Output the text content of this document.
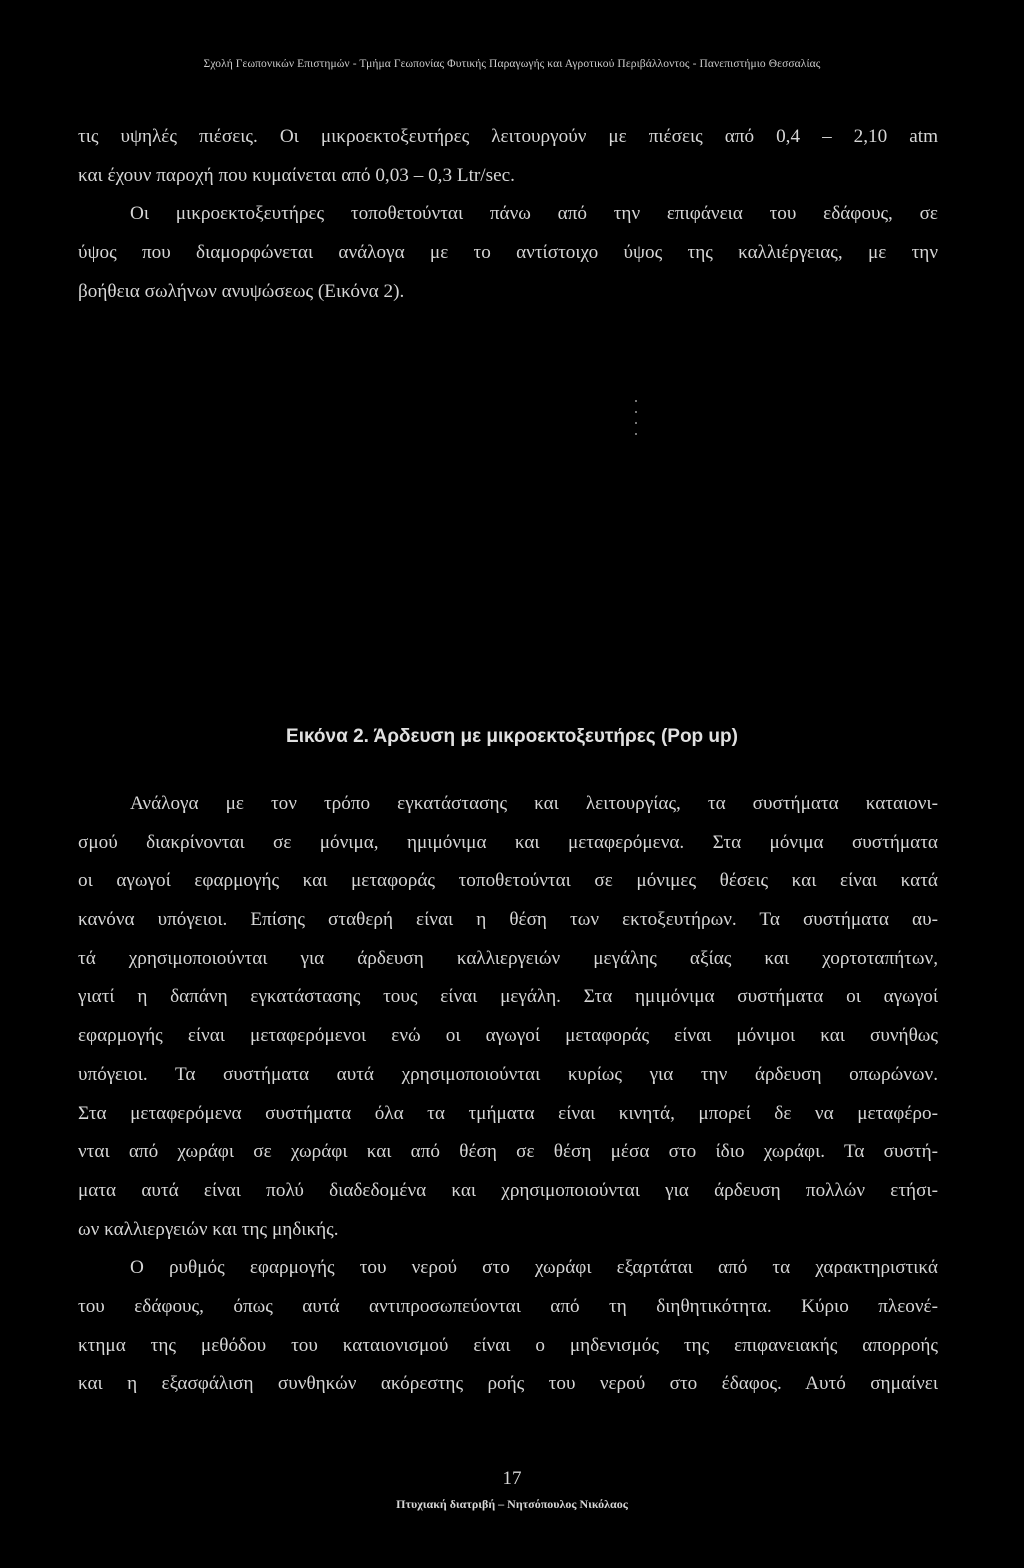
Σχολή Γεωπονικών Επιστημών - Τμήμα Γεωπονίας Φυτικής Παραγωγής και Αγροτικού Περιβάλλοντος - Πανεπιστήμιο Θεσσαλίας
τις υψηλές πιέσεις. Οι μικροεκτοξευτήρες λειτουργούν με πιέσεις από 0,4 – 2,10 atm
και έχουν παροχή που κυμαίνεται από 0,03 – 0,3 Ltr/sec.
Οι μικροεκτοξευτήρες τοποθετούνται πάνω από την επιφάνεια του εδάφους, σε
ύψος που διαμορφώνεται ανάλογα με το αντίστοιχο ύψος της καλλιέργειας, με την
βοήθεια σωλήνων ανυψώσεως (Εικόνα 2).
Εικόνα 2. Άρδευση με μικροεκτοξευτήρες (Pop up)
Ανάλογα με τον τρόπο εγκατάστασης και λειτουργίας, τα συστήματα καταιονι-
σμού διακρίνονται σε μόνιμα, ημιμόνιμα και μεταφερόμενα. Στα μόνιμα συστήματα
οι αγωγοί εφαρμογής και μεταφοράς τοποθετούνται σε μόνιμες θέσεις και είναι κατά
κανόνα υπόγειοι. Επίσης σταθερή είναι η θέση των εκτοξευτήρων. Τα συστήματα αυ-
τά χρησιμοποιούνται για άρδευση καλλιεργειών μεγάλης αξίας και χορτοταπήτων,
γιατί η δαπάνη εγκατάστασης τους είναι μεγάλη. Στα ημιμόνιμα συστήματα οι αγωγοί
εφαρμογής είναι μεταφερόμενοι ενώ οι αγωγοί μεταφοράς είναι μόνιμοι και συνήθως
υπόγειοι. Τα συστήματα αυτά χρησιμοποιούνται κυρίως για την άρδευση οπωρώνων.
Στα μεταφερόμενα συστήματα όλα τα τμήματα είναι κινητά, μπορεί δε να μεταφέρο-
νται από χωράφι σε χωράφι και από θέση σε θέση μέσα στο ίδιο χωράφι. Τα συστή-
ματα αυτά είναι πολύ διαδεδομένα και χρησιμοποιούνται για άρδευση πολλών ετήσι-
ων καλλιεργειών και της μηδικής.
Ο ρυθμός εφαρμογής του νερού στο χωράφι εξαρτάται από τα χαρακτηριστικά
του εδάφους, όπως αυτά αντιπροσωπεύονται από τη διηθητικότητα. Κύριο πλεονέ-
κτημα της μεθόδου του καταιονισμού είναι ο μηδενισμός της επιφανειακής απορροής
και η εξασφάλιση συνθηκών ακόρεστης ροής του νερού στο έδαφος. Αυτό σημαίνει
17
Πτυχιακή διατριβή – Νητσόπουλος Νικόλαος
